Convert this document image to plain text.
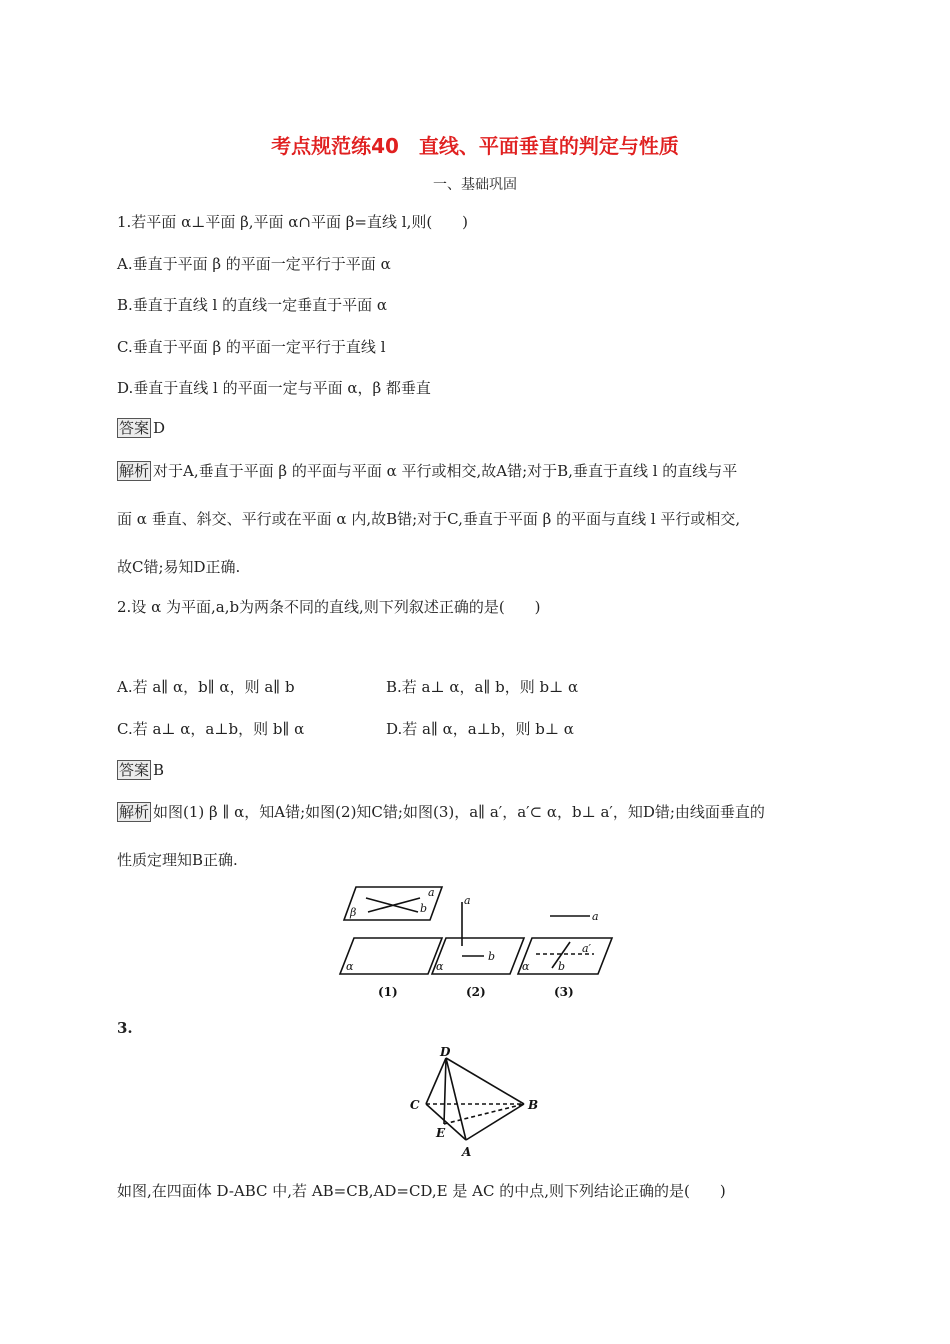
考点规范练40　直线、平面垂直的判定与性质
一、基础巩固
1.若平面 α⊥平面 β,平面 α∩平面 β=直线 l,则(　　)
A.垂直于平面 β 的平面一定平行于平面 α
B.垂直于直线 l 的直线一定垂直于平面 α
C.垂直于平面 β 的平面一定平行于直线 l
D.垂直于直线 l 的平面一定与平面 α，β 都垂直
答案 D
解析 对于A,垂直于平面 β 的平面与平面 α 平行或相交,故A错;对于B,垂直于直线 l 的直线与平
面 α 垂直、斜交、平行或在平面 α 内,故B错;对于C,垂直于平面 β 的平面与直线 l 平行或相交,
故C错;易知D正确.
2.设 α 为平面,a,b为两条不同的直线,则下列叙述正确的是(　　)
A.若 a∥ α，b∥ α，则 a∥ b	B.若 a⊥ α，a∥ b，则 b⊥ α
C.若 a⊥ α，a⊥b，则 b∥ α	D.若 a∥ α，a⊥b，则 b⊥ α
答案 B
解析 如图(1) β ∥ α，知A错;如图(2)知C错;如图(3)，a∥ a′，a′⊂ α，b⊥ a′，知D错;由线面垂直的
性质定理知B正确.
a
b
β
α
a
b
α
a
a′
b
α
(1)	(2)	(3)
3.
D
C	B
E
A
如图,在四面体 D-ABC 中,若 AB=CB,AD=CD,E 是 AC 的中点,则下列结论正确的是(　　)
